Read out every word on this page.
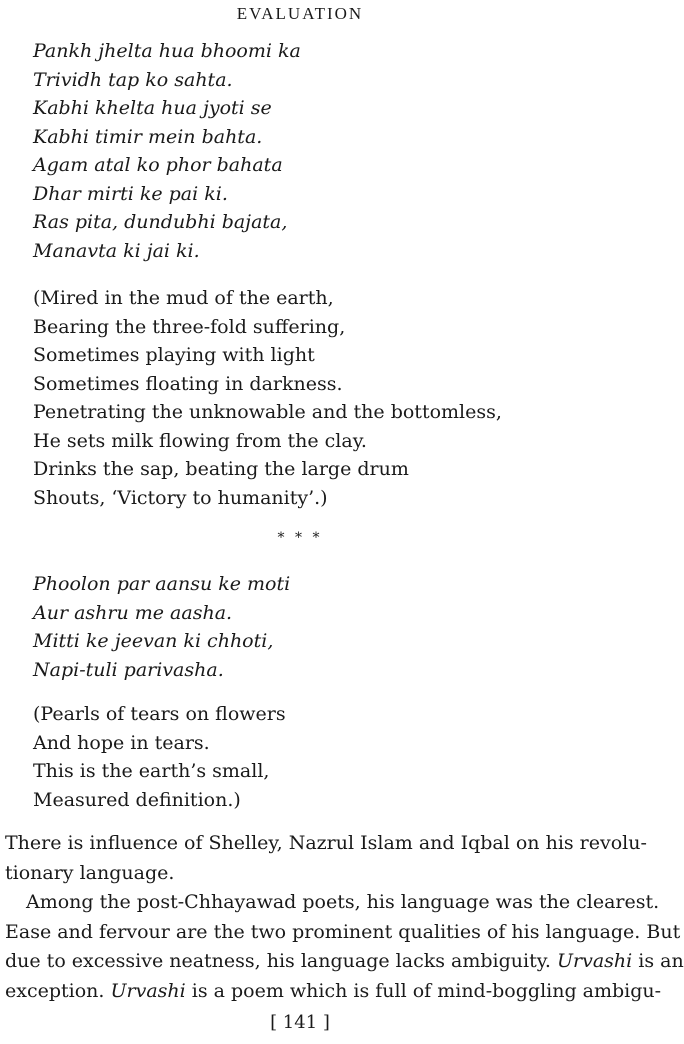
EVALUATION
Pankh jhelta hua bhoomi ka
Trividh tap ko sahta.
Kabhi khelta hua jyoti se
Kabhi timir mein bahta.
Agam atal ko phor bahata
Dhar mirti ke pai ki.
Ras pita, dundubhi bajata,
Manavta ki jai ki.
(Mired in the mud of the earth,
Bearing the three-fold suffering,
Sometimes playing with light
Sometimes floating in darkness.
Penetrating the unknowable and the bottomless,
He sets milk flowing from the clay.
Drinks the sap, beating the large drum
Shouts, ‘Victory to humanity’.)
* * *
Phoolon par aansu ke moti
Aur ashru me aasha.
Mitti ke jeevan ki chhoti,
Napi-tuli parivasha.
(Pearls of tears on flowers
And hope in tears.
This is the earth’s small,
Measured definition.)
There is influence of Shelley, Nazrul Islam and Iqbal on his revolu-
tionary language.
Among the post-Chhayawad poets, his language was the clearest.
Ease and fervour are the two prominent qualities of his language. But
due to excessive neatness, his language lacks ambiguity. Urvashi is an
exception. Urvashi is a poem which is full of mind-boggling ambigu-
[ 141 ]
